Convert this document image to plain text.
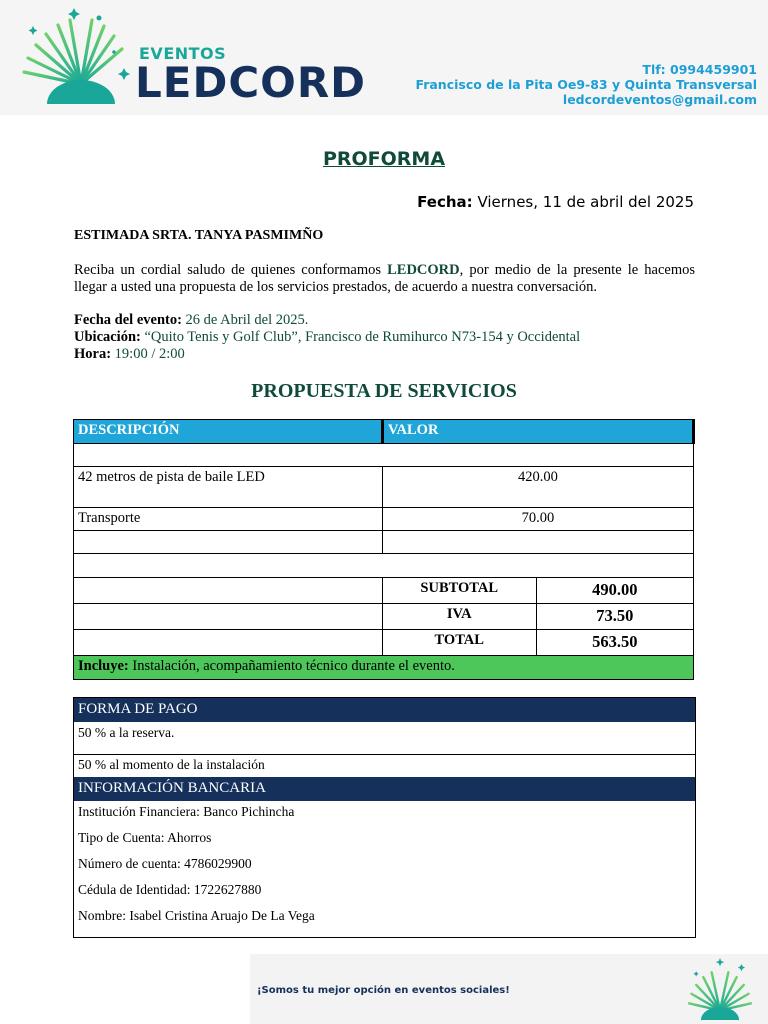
EVENTOS
LEDCORD	Tlf: 0994459901
Francisco de la Pita Oe9-83 y Quinta Transversal
ledcordeventos@gmail.com
PROFORMA
Fecha: Viernes, 11 de abril del 2025
ESTIMADA SRTA. TANYA PASMIMÑO
Reciba un cordial saludo de quienes conformamos LEDCORD, por medio de la presente le hacemos llegar a usted una propuesta de los servicios prestados, de acuerdo a nuestra conversación.
Fecha del evento: 26 de Abril del 2025.
Ubicación: “Quito Tenis y Golf Club”, Francisco de Rumihurco N73-154 y Occidental
Hora: 19:00 / 2:00
PROPUESTA DE SERVICIOS
DESCRIPCIÓN	VALOR	

42 metros de pista de baile LED	420.00	
Transporte	70.00	

	SUBTOTAL	490.00
	IVA	73.50
	TOTAL	563.50
Incluye: Instalación, acompañamiento técnico durante el evento.		
FORMA DE PAGO
50 % a la reserva.
50 % al momento de la instalación
INFORMACIÓN BANCARIA
Institución Financiera: Banco Pichincha
Tipo de Cuenta: Ahorros
Número de cuenta: 4786029900
Cédula de Identidad: 1722627880
Nombre: Isabel Cristina Aruajo De La Vega
¡Somos tu mejor opción en eventos sociales!
